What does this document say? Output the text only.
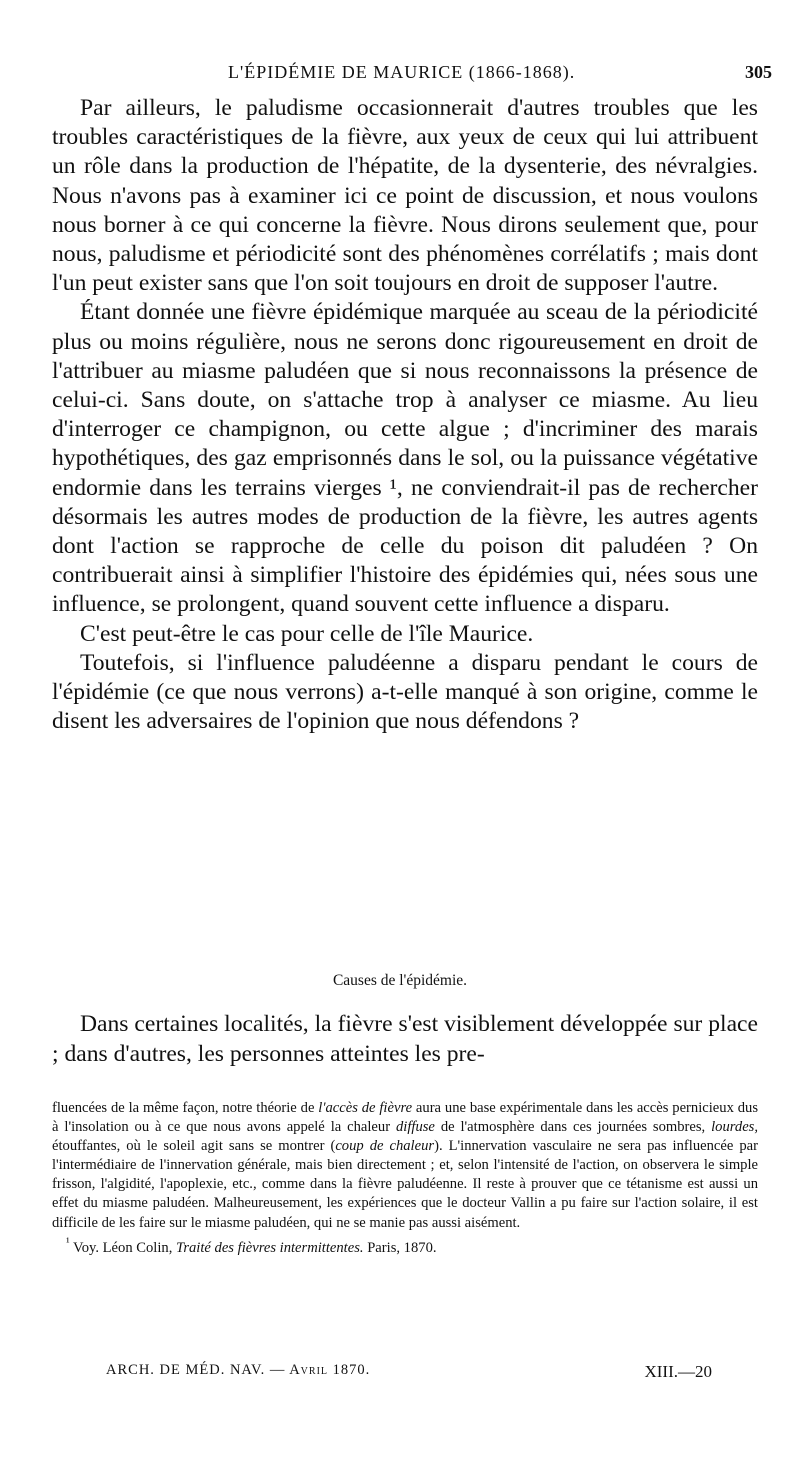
L'ÉPIDÉMIE DE MAURICE (1866-1868).	305

Par ailleurs, le paludisme occasionnerait d'autres troubles que les troubles caractéristiques de la fièvre, aux yeux de ceux qui lui attribuent un rôle dans la production de l'hépatite, de la dysenterie, des névralgies. Nous n'avons pas à examiner ici ce point de discussion, et nous voulons nous borner à ce qui concerne la fièvre. Nous dirons seulement que, pour nous, paludisme et périodicité sont des phénomènes corrélatifs ; mais dont l'un peut exister sans que l'on soit toujours en droit de supposer l'autre.

Étant donnée une fièvre épidémique marquée au sceau de la périodicité plus ou moins régulière, nous ne serons donc rigoureusement en droit de l'attribuer au miasme paludéen que si nous reconnaissons la présence de celui-ci. Sans doute, on s'attache trop à analyser ce miasme. Au lieu d'interroger ce champignon, ou cette algue ; d'incriminer des marais hypothétiques, des gaz emprisonnés dans le sol, ou la puissance végétative endormie dans les terrains vierges ¹, ne conviendrait-il pas de rechercher désormais les autres modes de production de la fièvre, les autres agents dont l'action se rapproche de celle du poison dit paludéen ? On contribuerait ainsi à simplifier l'histoire des épidémies qui, nées sous une influence, se prolongent, quand souvent cette influence a disparu.

C'est peut-être le cas pour celle de l'île Maurice.

Toutefois, si l'influence paludéenne a disparu pendant le cours de l'épidémie (ce que nous verrons) a-t-elle manqué à son origine, comme le disent les adversaires de l'opinion que nous défendons ?

Causes de l'épidémie.

Dans certaines localités, la fièvre s'est visiblement développée sur place ; dans d'autres, les personnes atteintes les pre-

fluencées de la même façon, notre théorie de l'accès de fièvre aura une base expérimentale dans les accès pernicieux dus à l'insolation ou à ce que nous avons appelé la chaleur diffuse de l'atmosphère dans ces journées sombres, lourdes, étouffantes, où le soleil agit sans se montrer (coup de chaleur). L'innervation vasculaire ne sera pas influencée par l'intermédiaire de l'innervation générale, mais bien directement ; et, selon l'intensité de l'action, on observera le simple frisson, l'algidité, l'apoplexie, etc., comme dans la fièvre paludéenne. Il reste à prouver que ce tétanisme est aussi un effet du miasme paludéen. Malheureusement, les expériences que le docteur Vallin a pu faire sur l'action solaire, il est difficile de les faire sur le miasme paludéen, qui ne se manie pas aussi aisément.

$^{^1}$ Voy. Léon Colin, Traité des fièvres intermittentes. Paris, 1870.

ARCH. DE MÉD. NAV. — Avril 1870.	XIII.—20
